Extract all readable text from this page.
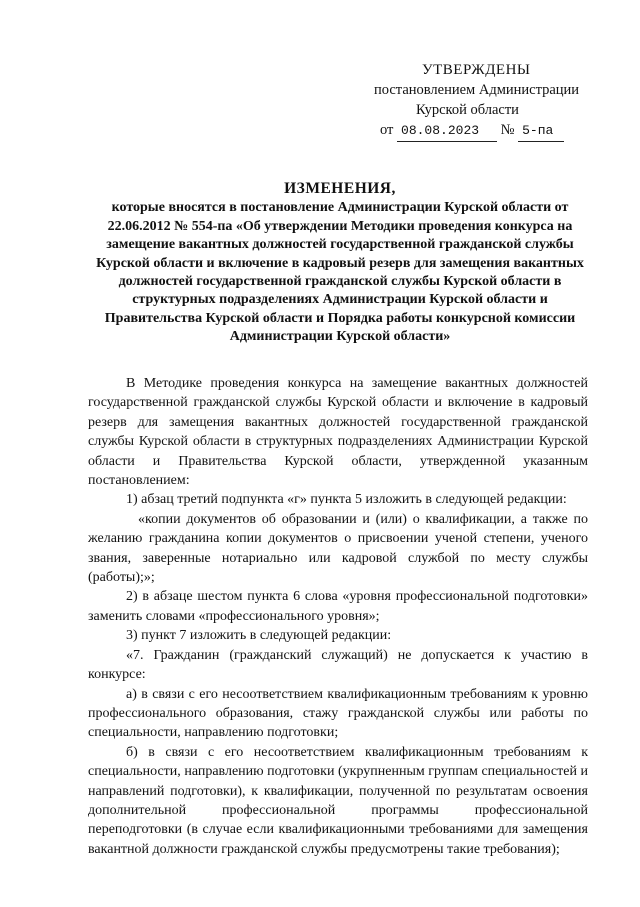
УТВЕРЖДЕНЫ
постановлением Администрации
Курской области
от 08.08.2023 № 5-па
ИЗМЕНЕНИЯ,
которые вносятся в постановление Администрации Курской области от 22.06.2012 № 554-па «Об утверждении Методики проведения конкурса на замещение вакантных должностей государственной гражданской службы Курской области и включение в кадровый резерв для замещения вакантных должностей государственной гражданской службы Курской области в структурных подразделениях Администрации Курской области и Правительства Курской области и Порядка работы конкурсной комиссии Администрации Курской области»

В Методике проведения конкурса на замещение вакантных должностей государственной гражданской службы Курской области и включение в кадровый резерв для замещения вакантных должностей государственной гражданской службы Курской области в структурных подразделениях Администрации Курской области и Правительства Курской области, утвержденной указанным постановлением:

1) абзац третий подпункта «г» пункта 5 изложить в следующей редакции:

«копии документов об образовании и (или) о квалификации, а также по желанию гражданина копии документов о присвоении ученой степени, ученого звания, заверенные нотариально или кадровой службой по месту службы (работы);»;

2) в абзаце шестом пункта 6 слова «уровня профессиональной подготовки» заменить словами «профессионального уровня»;

3) пункт 7 изложить в следующей редакции:

«7. Гражданин (гражданский служащий) не допускается к участию в конкурсе:

а) в связи с его несоответствием квалификационным требованиям к уровню профессионального образования, стажу гражданской службы или работы по специальности, направлению подготовки;

б) в связи с его несоответствием квалификационным требованиям к специальности, направлению подготовки (укрупненным группам специальностей и направлений подготовки), к квалификации, полученной по результатам освоения дополнительной профессиональной программы профессиональной переподготовки (в случае если квалификационными требованиями для замещения вакантной должности гражданской службы предусмотрены такие требования);
